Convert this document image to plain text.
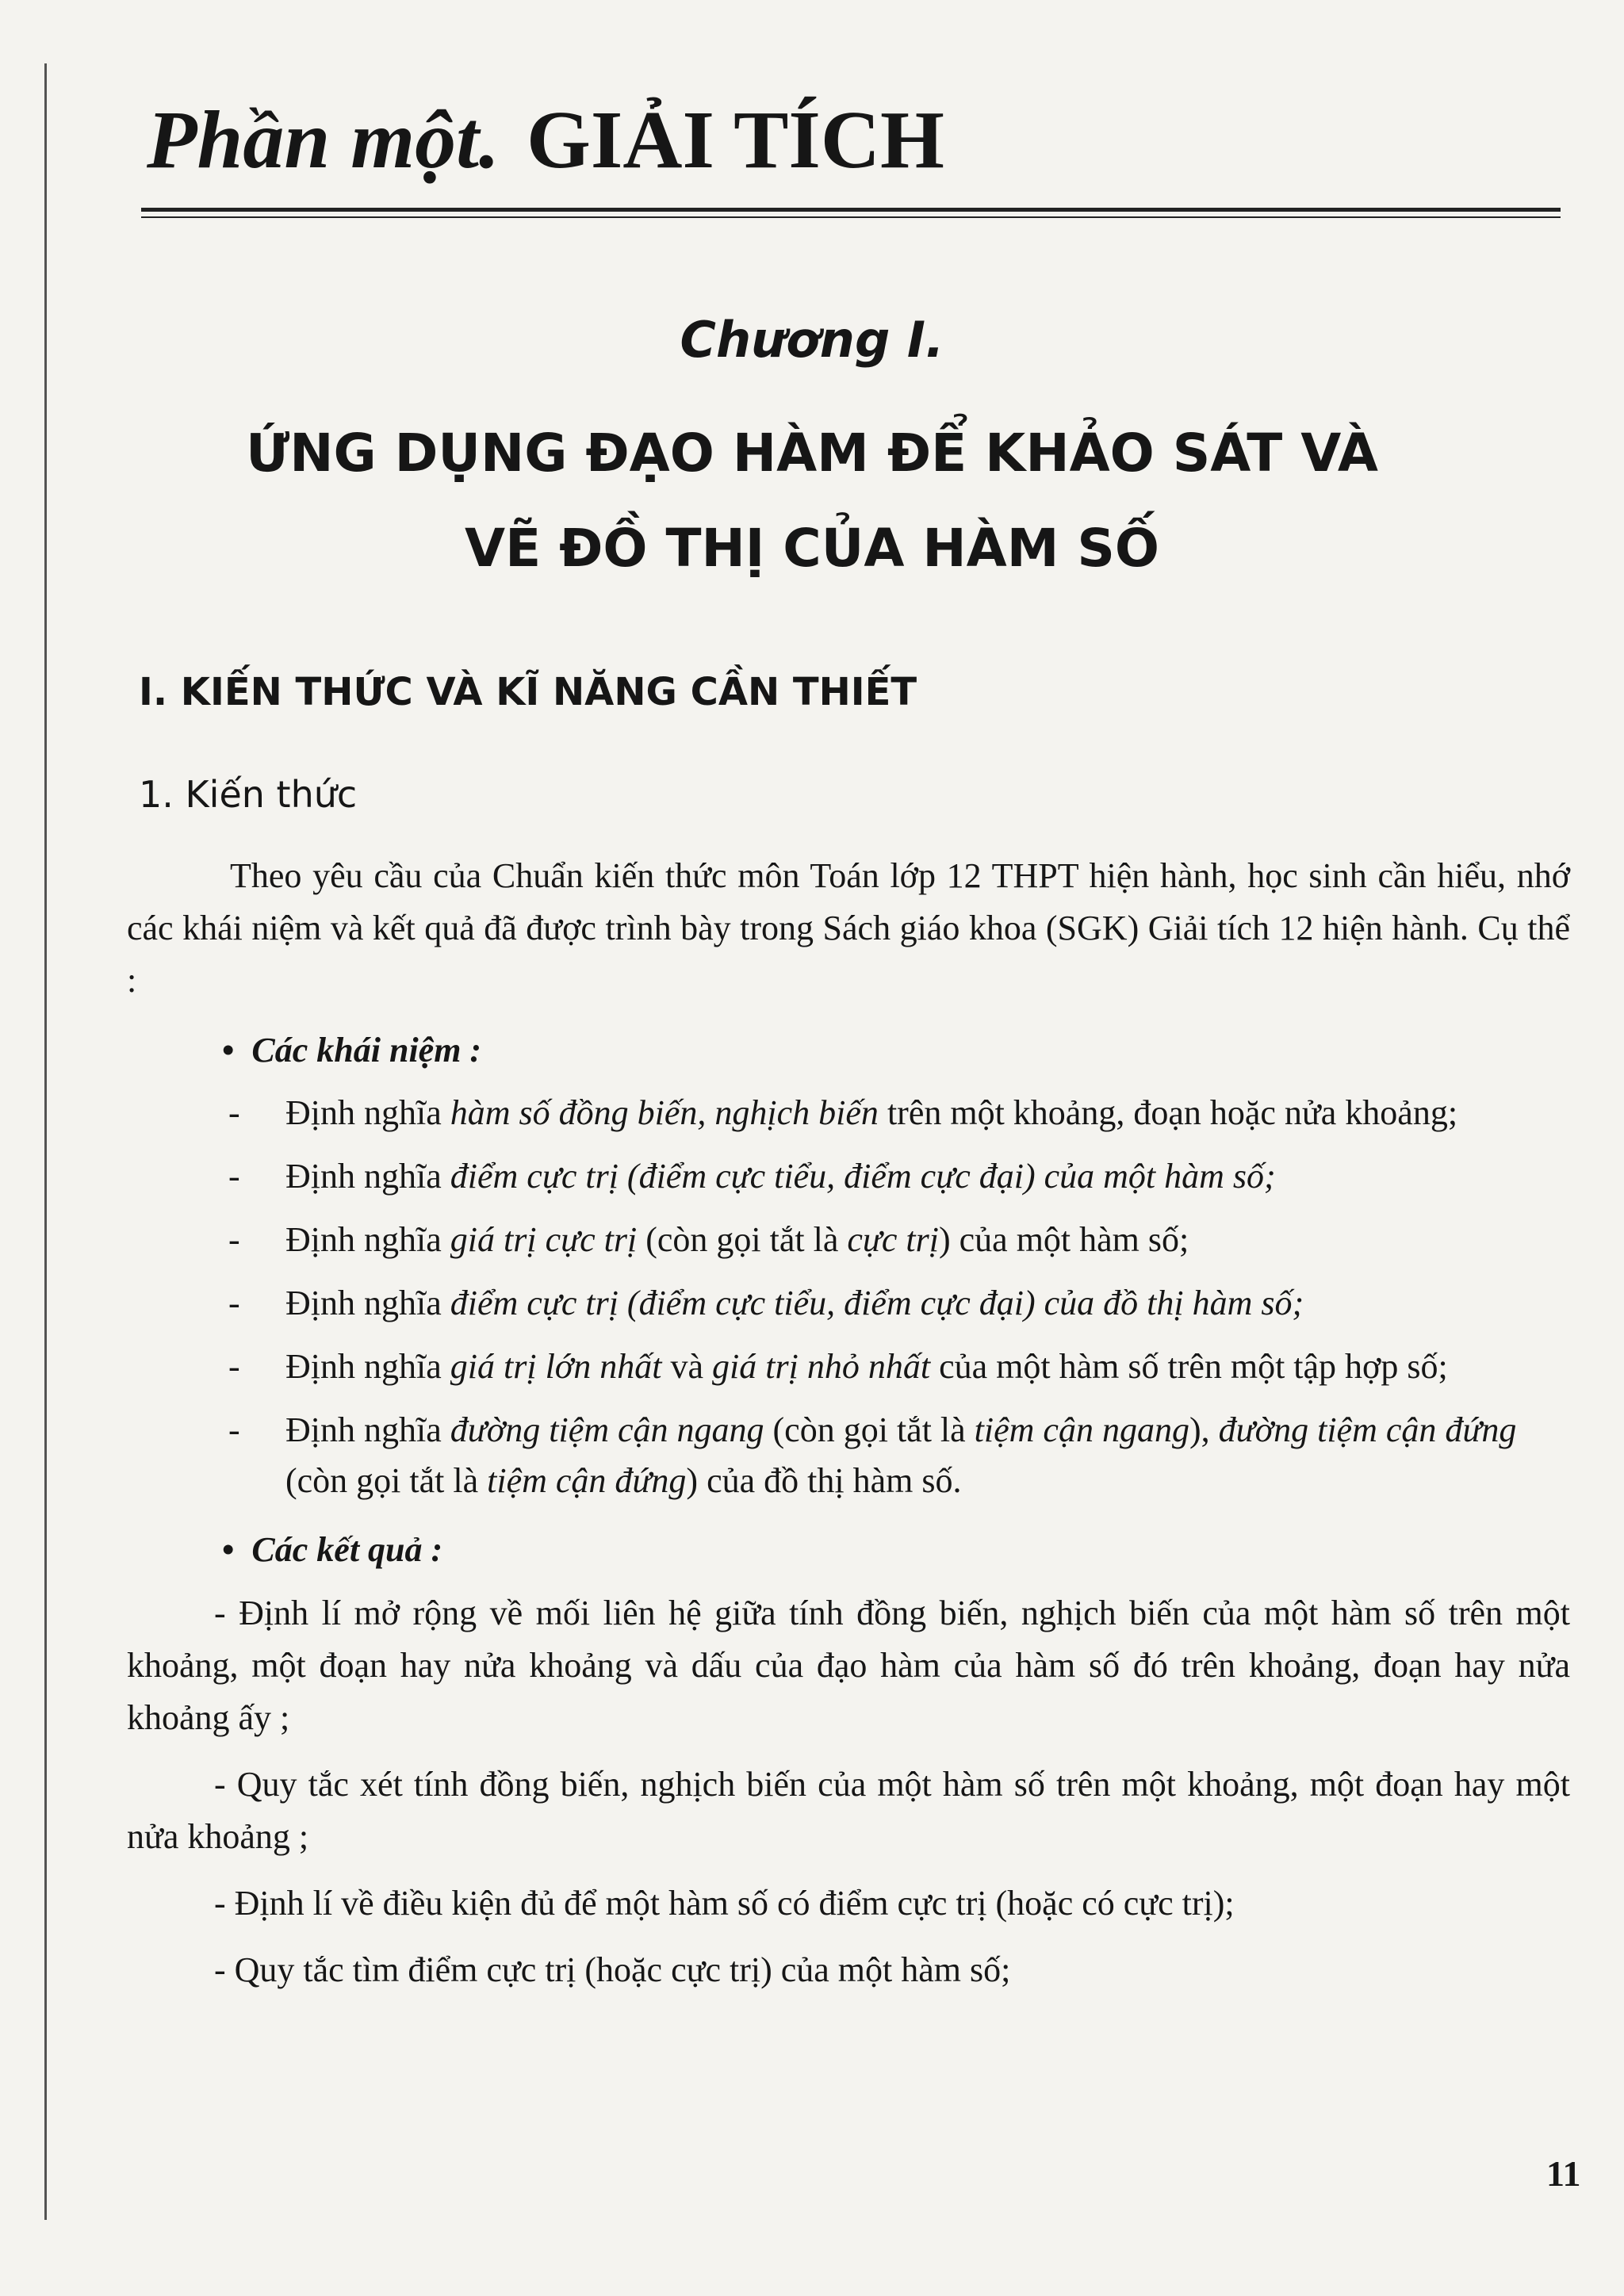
Phần một. GIẢI TÍCH
Chương I.
ỨNG DỤNG ĐẠO HÀM ĐỂ KHẢO SÁT VÀ
VẼ ĐỒ THỊ CỦA HÀM SỐ
I. KIẾN THỨC VÀ KĨ NĂNG CẦN THIẾT
1. Kiến thức

Theo yêu cầu của Chuẩn kiến thức môn Toán lớp 12 THPT hiện hành, học sinh cần hiểu, nhớ các khái niệm và kết quả đã được trình bày trong Sách giáo khoa (SGK) Giải tích 12 hiện hành. Cụ thể :

• Các khái niệm :

- Định nghĩa hàm số đồng biến, nghịch biến trên một khoảng, đoạn hoặc nửa khoảng;
- Định nghĩa điểm cực trị (điểm cực tiểu, điểm cực đại) của một hàm số;
- Định nghĩa giá trị cực trị (còn gọi tắt là cực trị) của một hàm số;
- Định nghĩa điểm cực trị (điểm cực tiểu, điểm cực đại) của đồ thị hàm số;
- Định nghĩa giá trị lớn nhất và giá trị nhỏ nhất của một hàm số trên một tập hợp số;
- Định nghĩa đường tiệm cận ngang (còn gọi tắt là tiệm cận ngang), đường tiệm cận đứng (còn gọi tắt là tiệm cận đứng) của đồ thị hàm số.

• Các kết quả :

- Định lí mở rộng về mối liên hệ giữa tính đồng biến, nghịch biến của một hàm số trên một khoảng, một đoạn hay nửa khoảng và dấu của đạo hàm của hàm số đó trên khoảng, đoạn hay nửa khoảng ấy ;

- Quy tắc xét tính đồng biến, nghịch biến của một hàm số trên một khoảng, một đoạn hay một nửa khoảng ;

- Định lí về điều kiện đủ để một hàm số có điểm cực trị (hoặc có cực trị);

- Quy tắc tìm điểm cực trị (hoặc cực trị) của một hàm số;

11
